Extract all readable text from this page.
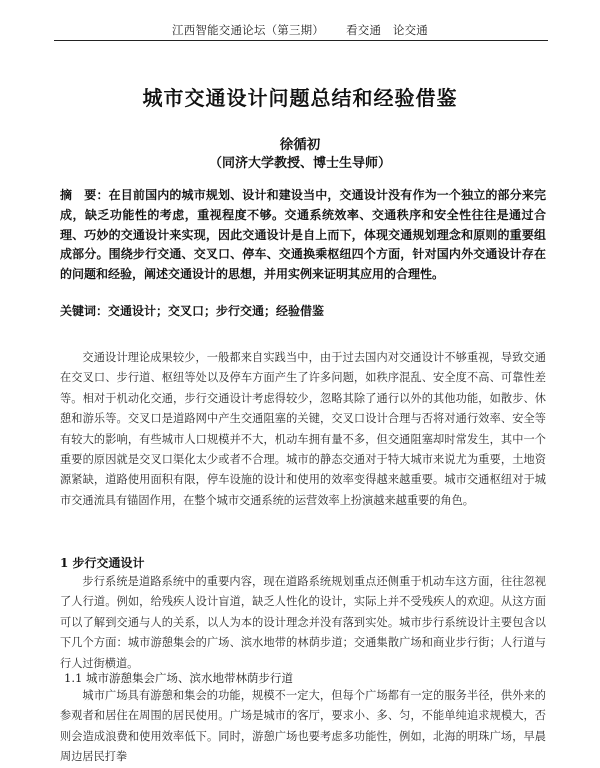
江西智能交通论坛（第三期） 看交通　论交通
城市交通设计问题总结和经验借鉴
徐循初
（同济大学教授、博士生导师）

摘　要：在目前国内的城市规划、设计和建设当中，交通设计没有作为一个独立的部分来完成，缺乏功能性的考虑，重视程度不够。交通系统效率、交通秩序和安全性往往是通过合理、巧妙的交通设计来实现，因此交通设计是自上而下，体现交通规划理念和原则的重要组成部分。围绕步行交通、交叉口、停车、交通换乘枢纽四个方面，针对国内外交通设计存在的问题和经验，阐述交通设计的思想，并用实例来证明其应用的合理性。

关键词：交通设计；交叉口；步行交通；经验借鉴

交通设计理论成果较少，一般都来自实践当中，由于过去国内对交通设计不够重视，导致交通在交叉口、步行道、枢纽等处以及停车方面产生了许多问题，如秩序混乱、安全度不高、可靠性差等。相对于机动化交通，步行交通设计考虑得较少，忽略其除了通行以外的其他功能，如散步、休憩和游乐等。交叉口是道路网中产生交通阻塞的关键，交叉口设计合理与否将对通行效率、安全等有较大的影响，有些城市人口规模并不大，机动车拥有量不多，但交通阻塞却时常发生，其中一个重要的原因就是交叉口渠化太少或者不合理。城市的静态交通对于特大城市来说尤为重要，土地资源紧缺，道路使用面积有限，停车设施的设计和使用的效率变得越来越重要。城市交通枢纽对于城市交通流具有锚固作用，在整个城市交通系统的运营效率上扮演越来越重要的角色。

1 步行交通设计

步行系统是道路系统中的重要内容，现在道路系统规划重点还侧重于机动车这方面，往往忽视了人行道。例如，给残疾人设计盲道，缺乏人性化的设计，实际上并不受残疾人的欢迎。从这方面可以了解到交通与人的关系，以人为本的设计理念并没有落到实处。城市步行系统设计主要包含以下几个方面：城市游憩集会的广场、滨水地带的林荫步道；交通集散广场和商业步行街；人行道与行人过街横道。

1.1 城市游憩集会广场、滨水地带林荫步行道

城市广场具有游憩和集会的功能，规模不一定大，但每个广场都有一定的服务半径，供外来的参观者和居住在周围的居民使用。广场是城市的客厅，要求小、多、匀，不能单纯追求规模大，否则会造成浪费和使用效率低下。同时，游憩广场也要考虑多功能性，例如，北海的明珠广场，早晨周边居民打拳
